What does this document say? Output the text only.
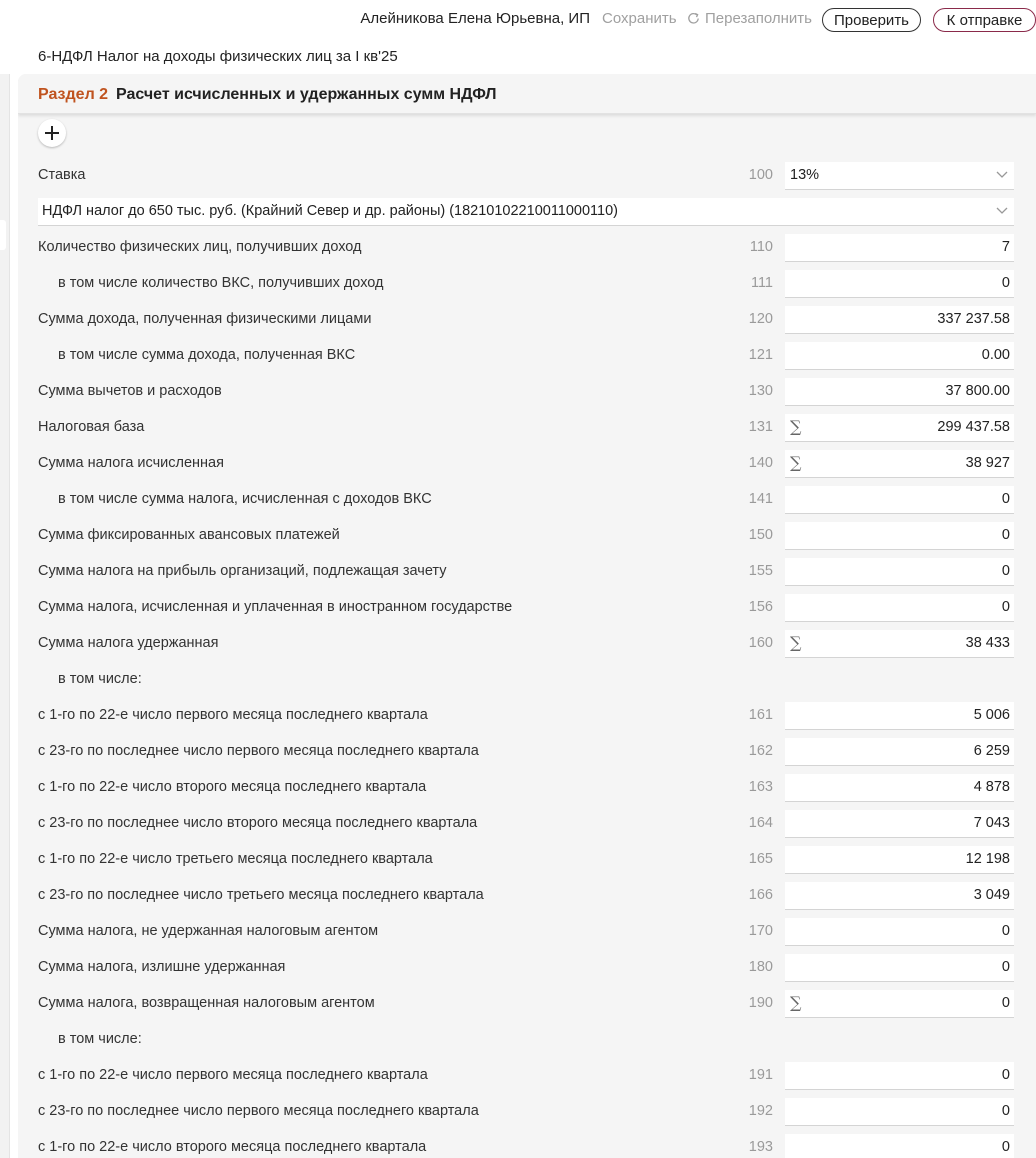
Алейникова Елена Юрьевна, ИП Сохранить Перезаполнить	Проверить	К отправке
6-НДФЛ Налог на доходы физических лиц за I кв'25
Раздел 2 Расчет исчисленных и удержанных сумм НДФЛ
Ставка	100 13%
НДФЛ налог до 650 тыс. руб. (Крайний Север и др. районы) (18210102210011000110)
Количество физических лиц, получивших доход	110	7
в том числе количество ВКС, получивших доход	111	0
Сумма дохода, полученная физическими лицами	120	337 237.58
в том числе сумма дохода, полученная ВКС	121	0.00
Сумма вычетов и расходов	130	37 800.00
Налоговая база	131 ∑	299 437.58
Сумма налога исчисленная	140 ∑	38 927
в том числе сумма налога, исчисленная с доходов ВКС	141	0
Сумма фиксированных авансовых платежей	150	0
Сумма налога на прибыль организаций, подлежащая зачету	155	0
Сумма налога, исчисленная и уплаченная в иностранном государстве	156	0
Сумма налога удержанная	160 ∑	38 433
в том числе:
с 1-го по 22-е число первого месяца последнего квартала	161	5 006
с 23-го по последнее число первого месяца последнего квартала	162	6 259
с 1-го по 22-е число второго месяца последнего квартала	163	4 878
с 23-го по последнее число второго месяца последнего квартала	164	7 043
с 1-го по 22-е число третьего месяца последнего квартала	165	12 198
с 23-го по последнее число третьего месяца последнего квартала	166	3 049
Сумма налога, не удержанная налоговым агентом	170	0
Сумма налога, излишне удержанная	180	0
Сумма налога, возвращенная налоговым агентом	190 ∑	0
в том числе:
с 1-го по 22-е число первого месяца последнего квартала	191	0
с 23-го по последнее число первого месяца последнего квартала	192	0
с 1-го по 22-е число второго месяца последнего квартала	193	0
